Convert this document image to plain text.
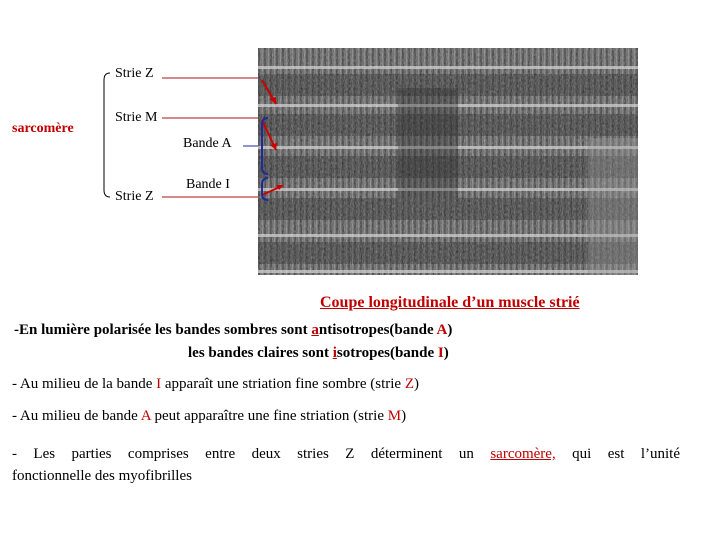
sarcomère
Strie Z
Strie M
Strie Z
Bande A
Bande I
Coupe longitudinale d’un muscle strié
-En lumière polarisée les bandes sombres sont antisotropes(bande A)
les bandes claires sont isotropes(bande I)
- Au milieu de la bande I apparaît une striation fine sombre (strie Z)
- Au milieu de bande A peut apparaître une fine striation (strie M)
- Les parties comprises entre deux stries Z déterminent un sarcomère, qui est l’unité
fonctionnelle des myofibrilles
